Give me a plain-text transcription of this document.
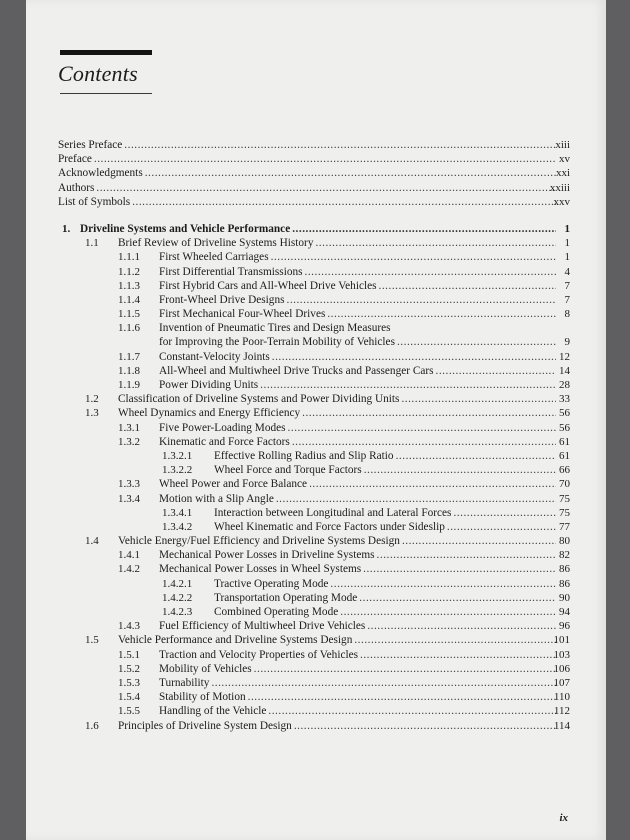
Contents
Series Preface .....	xiii
Preface .....	xv
Acknowledgments .....	xxi
Authors .....	xxiii
List of Symbols .....	xxv
1. Driveline Systems and Vehicle Performance .....	1
1.1 Brief Review of Driveline Systems History .....	1
1.1.1 First Wheeled Carriages .....	1
1.1.2 First Differential Transmissions .....	4
1.1.3 First Hybrid Cars and All-Wheel Drive Vehicles .....	7
1.1.4 Front-Wheel Drive Designs .....	7
1.1.5 First Mechanical Four-Wheel Drives .....	8
1.1.6 Invention of Pneumatic Tires and Design Measures
for Improving the Poor-Terrain Mobility of Vehicles .....	9
1.1.7 Constant-Velocity Joints .....	12
1.1.8 All-Wheel and Multiwheel Drive Trucks and Passenger Cars .....	14
1.1.9 Power Dividing Units .....	28
1.2 Classification of Driveline Systems and Power Dividing Units .....	33
1.3 Wheel Dynamics and Energy Efficiency .....	56
1.3.1 Five Power-Loading Modes .....	56
1.3.2 Kinematic and Force Factors .....	61
1.3.2.1 Effective Rolling Radius and Slip Ratio .....	61
1.3.2.2 Wheel Force and Torque Factors .....	66
1.3.3 Wheel Power and Force Balance .....	70
1.3.4 Motion with a Slip Angle .....	75
1.3.4.1 Interaction between Longitudinal and Lateral Forces .....	75
1.3.4.2 Wheel Kinematic and Force Factors under Sideslip .....	77
1.4 Vehicle Energy/Fuel Efficiency and Driveline Systems Design .....	80
1.4.1 Mechanical Power Losses in Driveline Systems .....	82
1.4.2 Mechanical Power Losses in Wheel Systems .....	86
1.4.2.1 Tractive Operating Mode .....	86
1.4.2.2 Transportation Operating Mode .....	90
1.4.2.3 Combined Operating Mode .....	94
1.4.3 Fuel Efficiency of Multiwheel Drive Vehicles .....	96
1.5 Vehicle Performance and Driveline Systems Design .....	101
1.5.1 Traction and Velocity Properties of Vehicles .....	103
1.5.2 Mobility of Vehicles .....	106
1.5.3 Turnability .....	107
1.5.4 Stability of Motion .....	110
1.5.5 Handling of the Vehicle .....	112
1.6 Principles of Driveline System Design .....	114
ix
